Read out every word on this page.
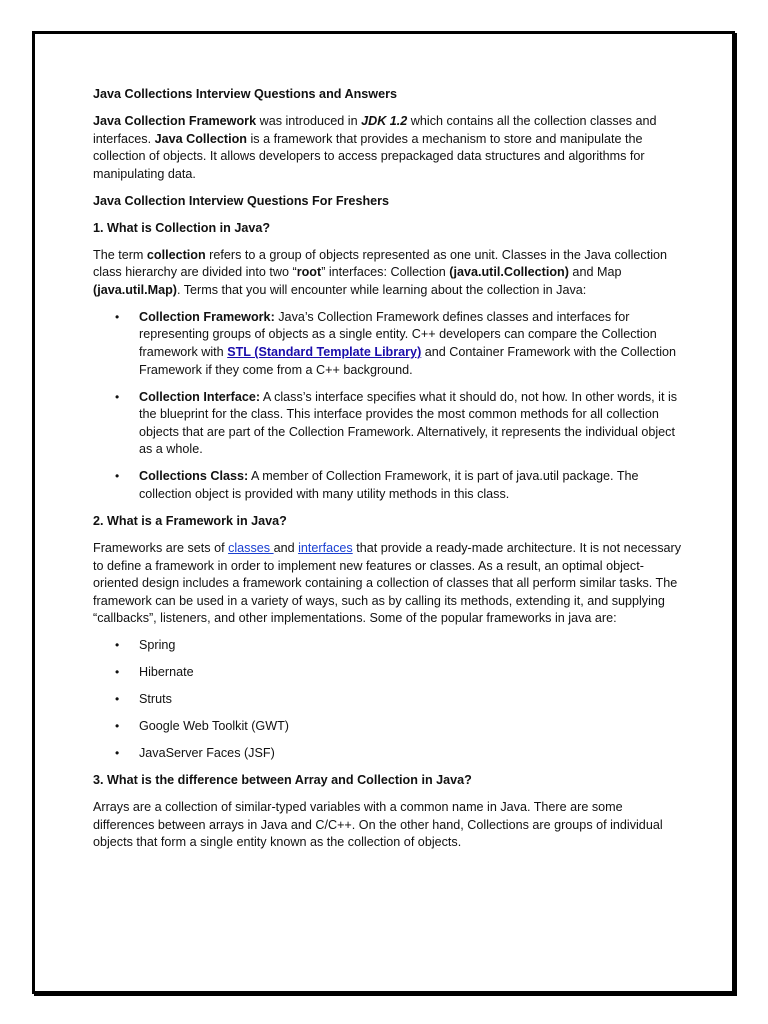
Java Collections Interview Questions and Answers

Java Collection Framework was introduced in JDK 1.2 which contains all the collection classes and interfaces. Java Collection is a framework that provides a mechanism to store and manipulate the collection of objects. It allows developers to access prepackaged data structures and algorithms for manipulating data.

Java Collection Interview Questions For Freshers

1. What is Collection in Java?

The term collection refers to a group of objects represented as one unit. Classes in the Java collection class hierarchy are divided into two “root” interfaces: Collection (java.util.Collection) and Map (java.util.Map). Terms that you will encounter while learning about the collection in Java:

• Collection Framework: Java’s Collection Framework defines classes and interfaces for representing groups of objects as a single entity. C++ developers can compare the Collection framework with STL (Standard Template Library) and Container Framework with the Collection Framework if they come from a C++ background.
• Collection Interface: A class’s interface specifies what it should do, not how. In other words, it is the blueprint for the class. This interface provides the most common methods for all collection objects that are part of the Collection Framework. Alternatively, it represents the individual object as a whole.
• Collections Class: A member of Collection Framework, it is part of java.util package. The collection object is provided with many utility methods in this class.

2. What is a Framework in Java?

Frameworks are sets of classes and interfaces that provide a ready-made architecture. It is not necessary to define a framework in order to implement new features or classes. As a result, an optimal object-oriented design includes a framework containing a collection of classes that all perform similar tasks. The framework can be used in a variety of ways, such as by calling its methods, extending it, and supplying “callbacks”, listeners, and other implementations. Some of the popular frameworks in java are:

• Spring
• Hibernate
• Struts
• Google Web Toolkit (GWT)
• JavaServer Faces (JSF)

3. What is the difference between Array and Collection in Java?

Arrays are a collection of similar-typed variables with a common name in Java. There are some differences between arrays in Java and C/C++. On the other hand, Collections are groups of individual objects that form a single entity known as the collection of objects.
